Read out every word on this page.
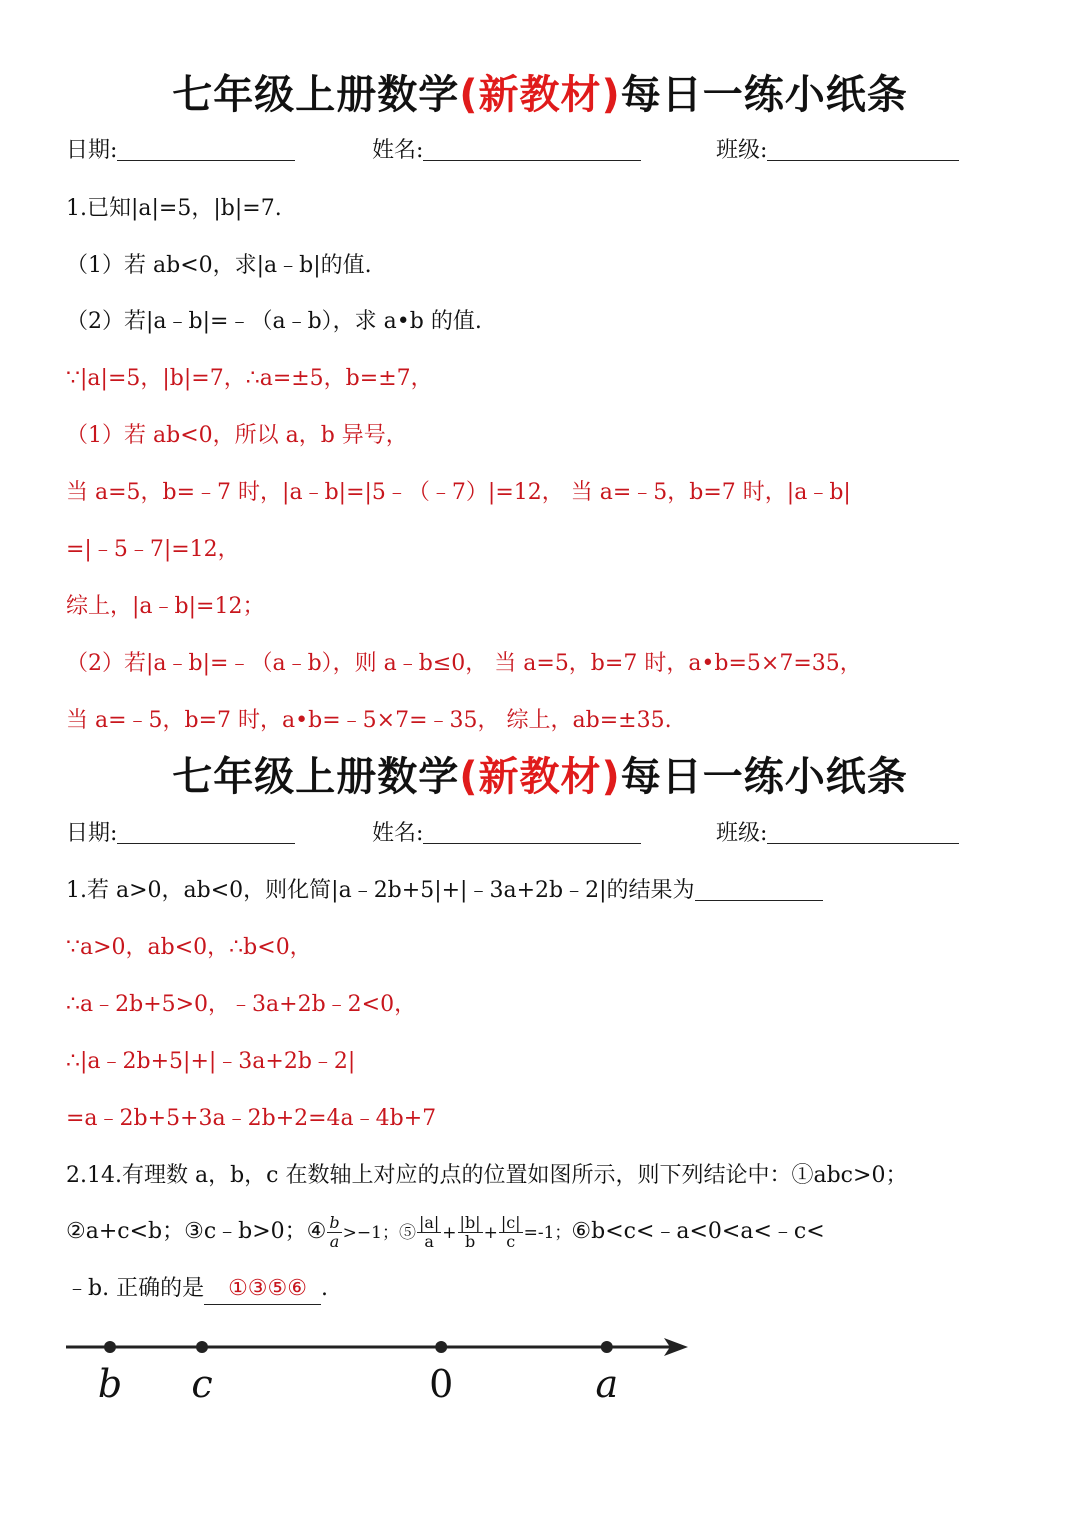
七年级上册数学(新教材)每日一练小纸条
日期:	姓名:	班级:
1.已知|a|=5，|b|=7.
（1）若 ab<0，求|a﹣b|的值.
（2）若|a﹣b|=﹣（a﹣b），求 a•b 的值.
∵|a|=5，|b|=7，∴a=±5，b=±7，
（1）若 ab<0，所以 a，b 异号，
当 a=5，b=﹣7 时，|a﹣b|=|5﹣（﹣7）|=12， 当 a=﹣5，b=7 时，|a﹣b|
=|﹣5﹣7|=12，
综上，|a﹣b|=12；
（2）若|a﹣b|=﹣（a﹣b），则 a﹣b≤0， 当 a=5，b=7 时，a•b=5×7=35，
当 a=﹣5，b=7 时，a•b=﹣5×7=﹣35， 综上，ab=±35.
七年级上册数学(新教材)每日一练小纸条
日期:	姓名:	班级:
1.若 a>0，ab<0，则化简|a﹣2b+5|+|﹣3a+2b﹣2|的结果为
∵a>0，ab<0，∴b<0，
∴a﹣2b+5>0，﹣3a+2b﹣2<0，
∴|a﹣2b+5|+|﹣3a+2b﹣2|
=a﹣2b+5+3a﹣2b+2=4a﹣4b+7
2.14.有理数 a，b，c 在数轴上对应的点的位置如图所示，则下列结论中：①abc>0；
②a+c<b；③c﹣b>0；④ $\frac{b}{a} >-1$；⑤ $\frac{|a|}{a} + \frac{|b|}{b} + \frac{|c|}{c} =-1$；⑥b<c<﹣a<0<a<﹣c<
﹣b. 正确的是 ①③⑤⑥ .
b c	0	a
